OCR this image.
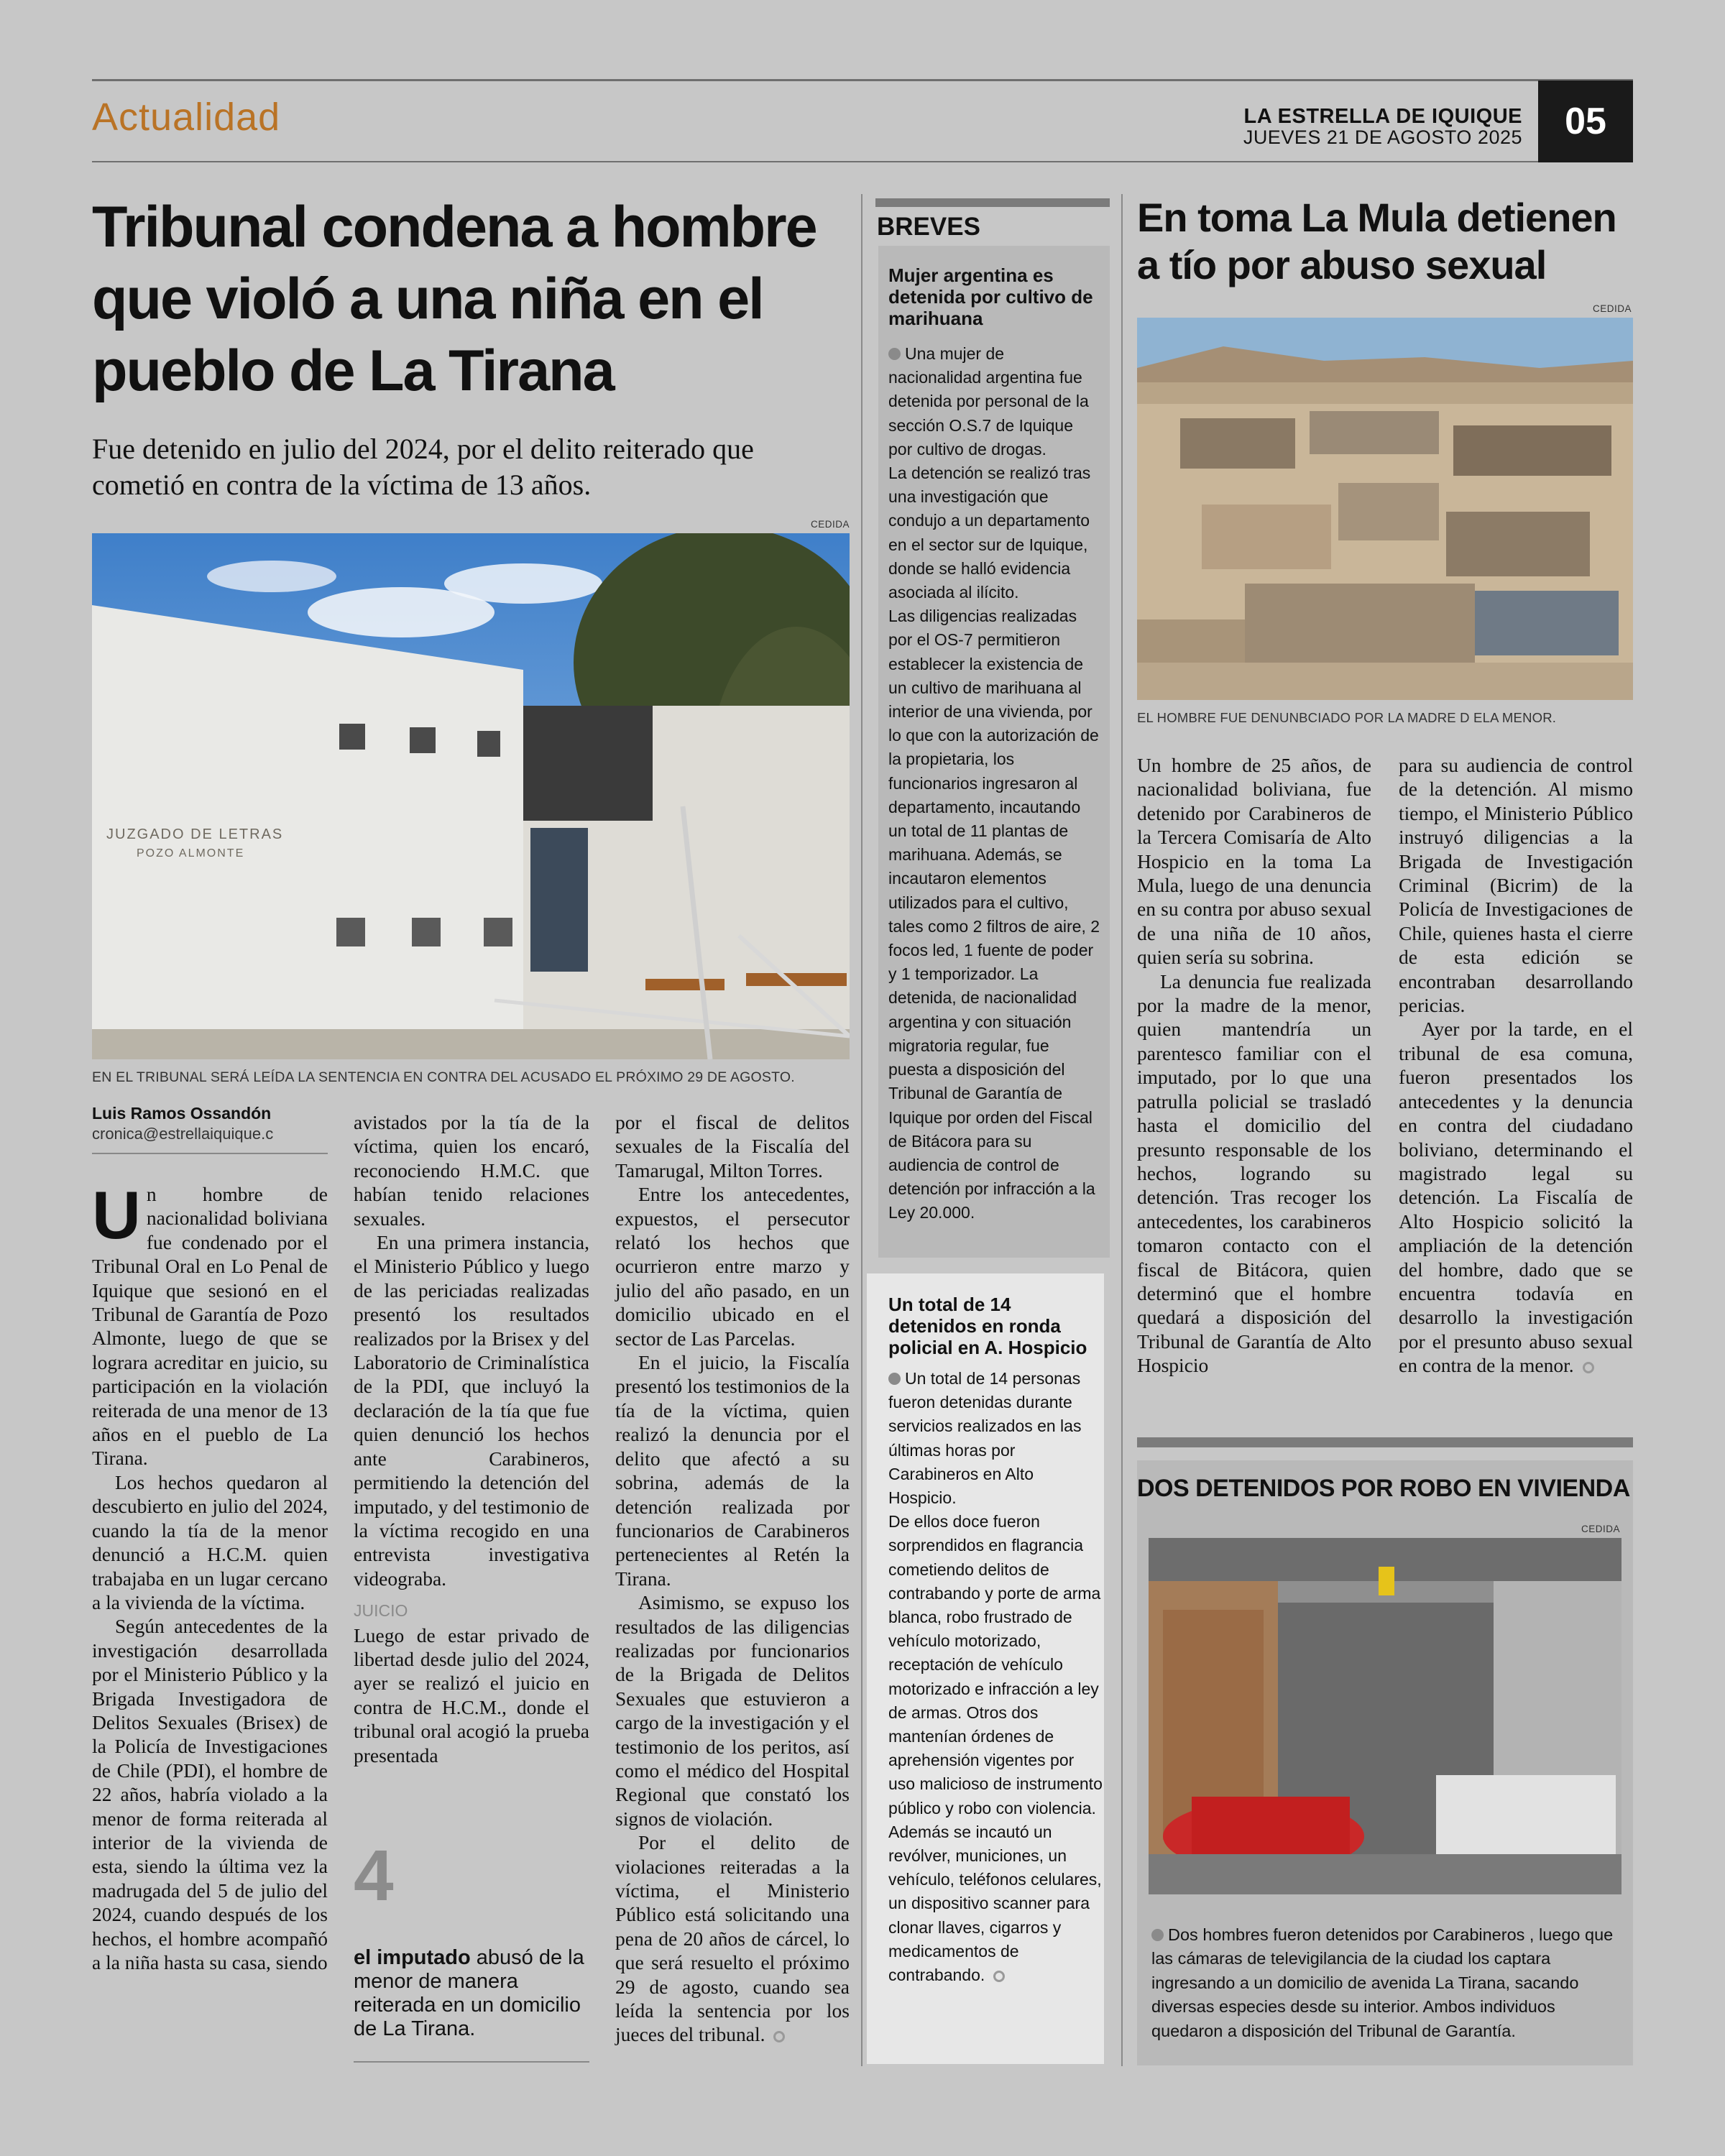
Actualidad	LA ESTRELLA DE IQUIQUE
JUEVES 21 DE AGOSTO 2025 05
Tribunal condena a hombre que violó a una niña en el pueblo de La Tirana
Fue detenido en julio del 2024, por el delito reiterado que cometió en contra de la víctima de 13 años.
CEDIDA
JUZGADO DE LETRAS
POZO ALMONTE
EN EL TRIBUNAL SERÁ LEÍDA LA SENTENCIA EN CONTRA DEL ACUSADO EL PRÓXIMO 29 DE AGOSTO.
Luis Ramos Ossandón
cronica@estrellaiquique.c
U n hombre de nacionalidad boliviana fue condenado por el Tribunal Oral en Lo Penal de Iquique que sesionó en el Tribunal de Garantía de Pozo Almonte, luego de que se lograra acreditar en juicio, su participación en la violación reiterada de una menor de 13 años en el pueblo de La Tirana.

Los hechos quedaron al descubierto en julio del 2024, cuando la tía de la menor denunció a H.C.M. quien trabajaba en un lugar cercano a la vivienda de la víctima.

Según antecedentes de la investigación desarrollada por el Ministerio Público y la Brigada Investigadora de Delitos Sexuales (Brisex) de la Policía de Investigaciones de Chile (PDI), el hombre de 22 años, habría violado a la menor de forma reiterada al interior de la vivienda de esta, siendo la última vez la madrugada del 5 de julio del 2024, cuando después de los hechos, el hombre acompañó a la niña hasta su casa, siendo

avistados por la tía de la víctima, quien los encaró, reconociendo H.M.C. que habían tenido relaciones sexuales.

En una primera instancia, el Ministerio Público y luego de las periciadas realizadas presentó los resultados realizados por la Brisex y del Laboratorio de Criminalística de la PDI, que incluyó la declaración de la tía que fue quien denunció los hechos ante Carabineros, permitiendo la detención del imputado, y del testimonio de la víctima recogido en una entrevista investigativa videograba.

JUICIO

Luego de estar privado de libertad desde julio del 2024, ayer se realizó el juicio en contra de H.C.M., donde el tribunal oral acogió la prueba presentada

4
el imputado abusó de la menor de manera reiterada en un domicilio de La Tirana.

por el fiscal de delitos sexuales de la Fiscalía del Tamarugal, Milton Torres.

Entre los antecedentes, expuestos, el persecutor relató los hechos que ocurrieron entre marzo y julio del año pasado, en un domicilio ubicado en el sector de Las Parcelas.

En el juicio, la Fiscalía presentó los testimonios de la tía de la víctima, quien realizó la denuncia por el delito que afectó a su sobrina, además de la detención realizada por funcionarios de Carabineros pertenecientes al Retén la Tirana.

Asimismo, se expuso los resultados de las diligencias realizadas por funcionarios de la Brigada de Delitos Sexuales que estuvieron a cargo de la investigación y el testimonio de los peritos, así como el médico del Hospital Regional que constató los signos de violación.

Por el delito de violaciones reiteradas a la víctima, el Ministerio Público está solicitando una pena de 20 años de cárcel, lo que será resuelto el próximo 29 de agosto, cuando sea leída la sentencia por los jueces del tribunal.

BREVES

Mujer argentina es detenida por cultivo de marihuana

Una mujer de nacionalidad argentina fue detenida por personal de la sección O.S.7 de Iquique por cultivo de drogas.

La detención se realizó tras una investigación que condujo a un departamento en el sector sur de Iquique, donde se halló evidencia asociada al ilícito.

Las diligencias realizadas por el OS-7 permitieron establecer la existencia de un cultivo de marihuana al interior de una vivienda, por lo que con la autorización de la propietaria, los funcionarios ingresaron al departamento, incautando un total de 11 plantas de marihuana. Además, se incautaron elementos utilizados para el cultivo, tales como 2 filtros de aire, 2 focos led, 1 fuente de poder y 1 temporizador. La detenida, de nacionalidad argentina y con situación migratoria regular, fue puesta a disposición del Tribunal de Garantía de Iquique por orden del Fiscal de Bitácora para su audiencia de control de detención por infracción a la Ley 20.000.

Un total de 14 detenidos en ronda policial en A. Hospicio

Un total de 14 personas fueron detenidas durante servicios realizados en las últimas horas por Carabineros en Alto Hospicio.

De ellos doce fueron sorprendidos en flagrancia cometiendo delitos de contrabando y porte de arma blanca, robo frustrado de vehículo motorizado, receptación de vehículo motorizado e infracción a ley de armas. Otros dos mantenían órdenes de aprehensión vigentes por uso malicioso de instrumento público y robo con violencia.

Además se incautó un revólver, municiones, un vehículo, teléfonos celulares, un dispositivo scanner para clonar llaves, cigarros y medicamentos de contrabando.

En toma La Mula detienen a tío por abuso sexual
CEDIDA
EL HOMBRE FUE DENUNBCIADO POR LA MADRE D ELA MENOR.

Un hombre de 25 años, de nacionalidad boliviana, fue detenido por Carabineros de la Tercera Comisaría de Alto Hospicio en la toma La Mula, luego de una denuncia en su contra por abuso sexual de una niña de 10 años, quien sería su sobrina.

La denuncia fue realizada por la madre de la menor, quien mantendría un parentesco familiar con el imputado, por lo que una patrulla policial se trasladó hasta el domicilio del presunto responsable de los hechos, logrando su detención. Tras recoger los antecedentes, los carabineros tomaron contacto con el fiscal de Bitácora, quien determinó que el hombre quedará a disposición del Tribunal de Garantía de Alto Hospicio

para su audiencia de control de la detención. Al mismo tiempo, el Ministerio Público instruyó diligencias a la Brigada de Investigación Criminal (Bicrim) de la Policía de Investigaciones de Chile, quienes hasta el cierre de esta edición se encontraban desarrollando pericias.

Ayer por la tarde, en el tribunal de esa comuna, fueron presentados los antecedentes y la denuncia en contra del ciudadano boliviano, determinando el magistrado legal su detención. La Fiscalía de Alto Hospicio solicitó la ampliación de la detención del hombre, dado que se encuentra todavía en desarrollo la investigación por el presunto abuso sexual en contra de la menor.

DOS DETENIDOS POR ROBO EN VIVIENDA
CEDIDA
Dos hombres fueron detenidos por Carabineros , luego que las cámaras de televigilancia de la ciudad los captara ingresando a un domicilio de avenida La Tirana, sacando diversas especies desde su interior. Ambos individuos quedaron a disposición del Tribunal de Garantía.
